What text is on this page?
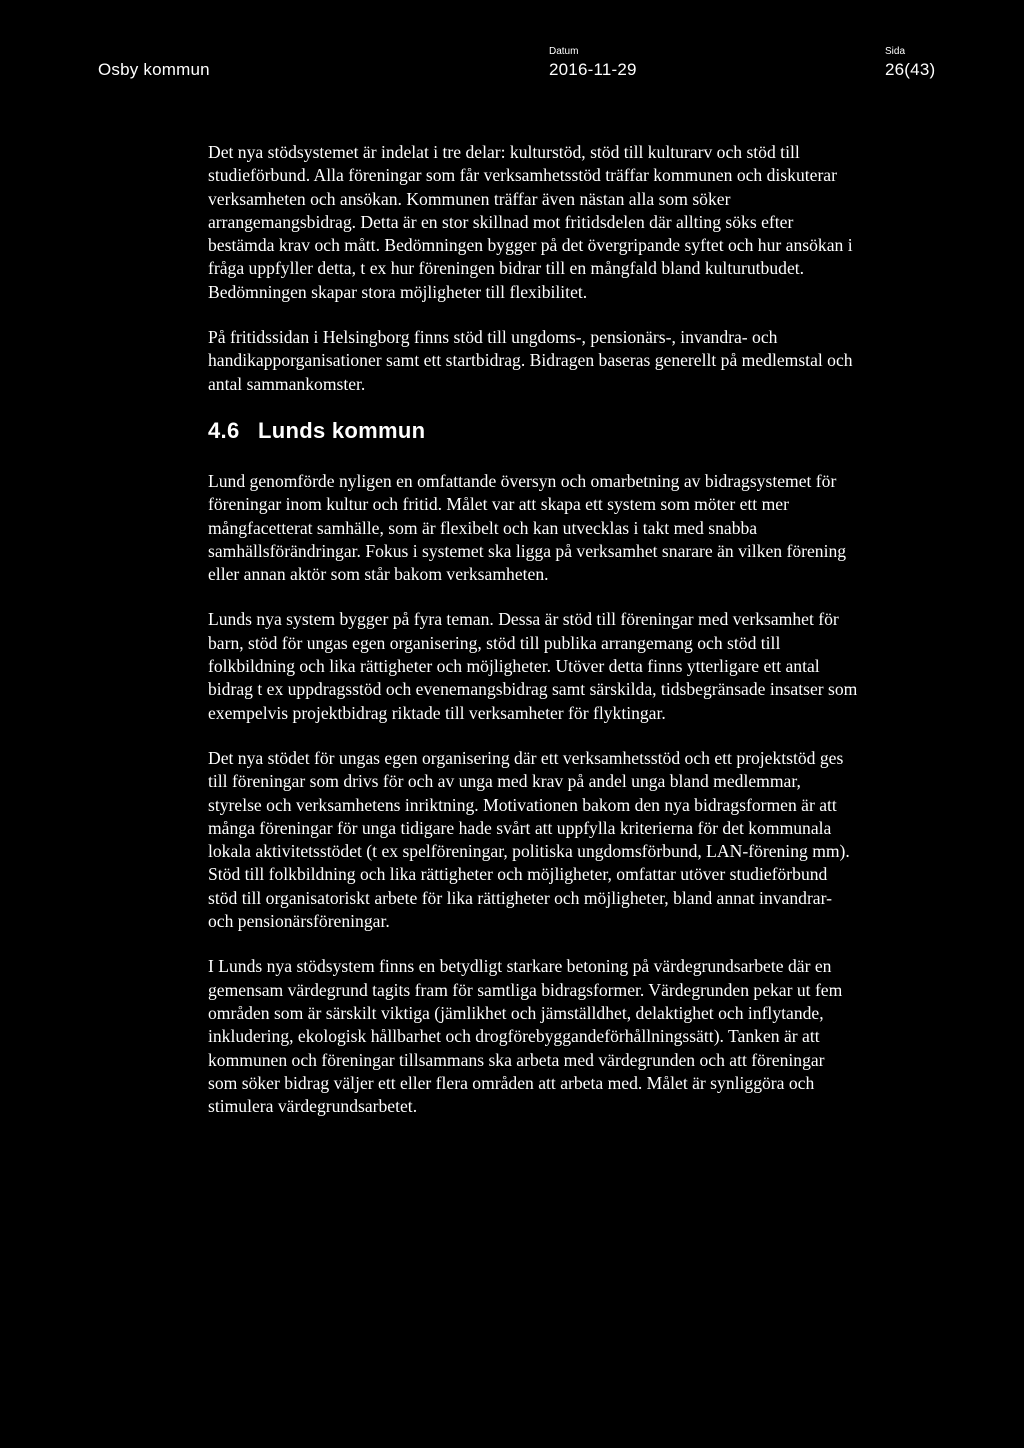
Osby kommun
Datum
2016-11-29
Sida
26(43)

Det nya stödsystemet är indelat i tre delar: kulturstöd, stöd till kulturarv och stöd till studieförbund. Alla föreningar som får verksamhetsstöd träffar kommunen och diskuterar verksamheten och ansökan. Kommunen träffar även nästan alla som söker arrangemangsbidrag. Detta är en stor skillnad mot fritidsdelen där allting söks efter bestämda krav och mått. Bedömningen bygger på det övergripande syftet och hur ansökan i fråga uppfyller detta, t ex hur föreningen bidrar till en mångfald bland kulturutbudet. Bedömningen skapar stora möjligheter till flexibilitet.

På fritidssidan i Helsingborg finns stöd till ungdoms-, pensionärs-, invandra- och handikapporganisationer samt ett startbidrag. Bidragen baseras generellt på medlemstal och antal sammankomster.

4.6 Lunds kommun

Lund genomförde nyligen en omfattande översyn och omarbetning av bidragsystemet för föreningar inom kultur och fritid. Målet var att skapa ett system som möter ett mer mångfacetterat samhälle, som är flexibelt och kan utvecklas i takt med snabba samhällsförändringar. Fokus i systemet ska ligga på verksamhet snarare än vilken förening eller annan aktör som står bakom verksamheten.

Lunds nya system bygger på fyra teman. Dessa är stöd till föreningar med verksamhet för barn, stöd för ungas egen organisering, stöd till publika arrangemang och stöd till folkbildning och lika rättigheter och möjligheter. Utöver detta finns ytterligare ett antal bidrag t ex uppdragsstöd och evenemangsbidrag samt särskilda, tidsbegränsade insatser som exempelvis projektbidrag riktade till verksamheter för flyktingar.

Det nya stödet för ungas egen organisering där ett verksamhetsstöd och ett projektstöd ges till föreningar som drivs för och av unga med krav på andel unga bland medlemmar, styrelse och verksamhetens inriktning. Motivationen bakom den nya bidragsformen är att många föreningar för unga tidigare hade svårt att uppfylla kriterierna för det kommunala lokala aktivitetsstödet (t ex spelföreningar, politiska ungdomsförbund, LAN-förening mm). Stöd till folkbildning och lika rättigheter och möjligheter, omfattar utöver studieförbund stöd till organisatoriskt arbete för lika rättigheter och möjligheter, bland annat invandrar- och pensionärsföreningar.

I Lunds nya stödsystem finns en betydligt starkare betoning på värdegrundsarbete där en gemensam värdegrund tagits fram för samtliga bidragsformer. Värdegrunden pekar ut fem områden som är särskilt viktiga (jämlikhet och jämställdhet, delaktighet och inflytande, inkludering, ekologisk hållbarhet och drogförebyggandeförhållningssätt). Tanken är att kommunen och föreningar tillsammans ska arbeta med värdegrunden och att föreningar som söker bidrag väljer ett eller flera områden att arbeta med. Målet är synliggöra och stimulera värdegrundsarbetet.
